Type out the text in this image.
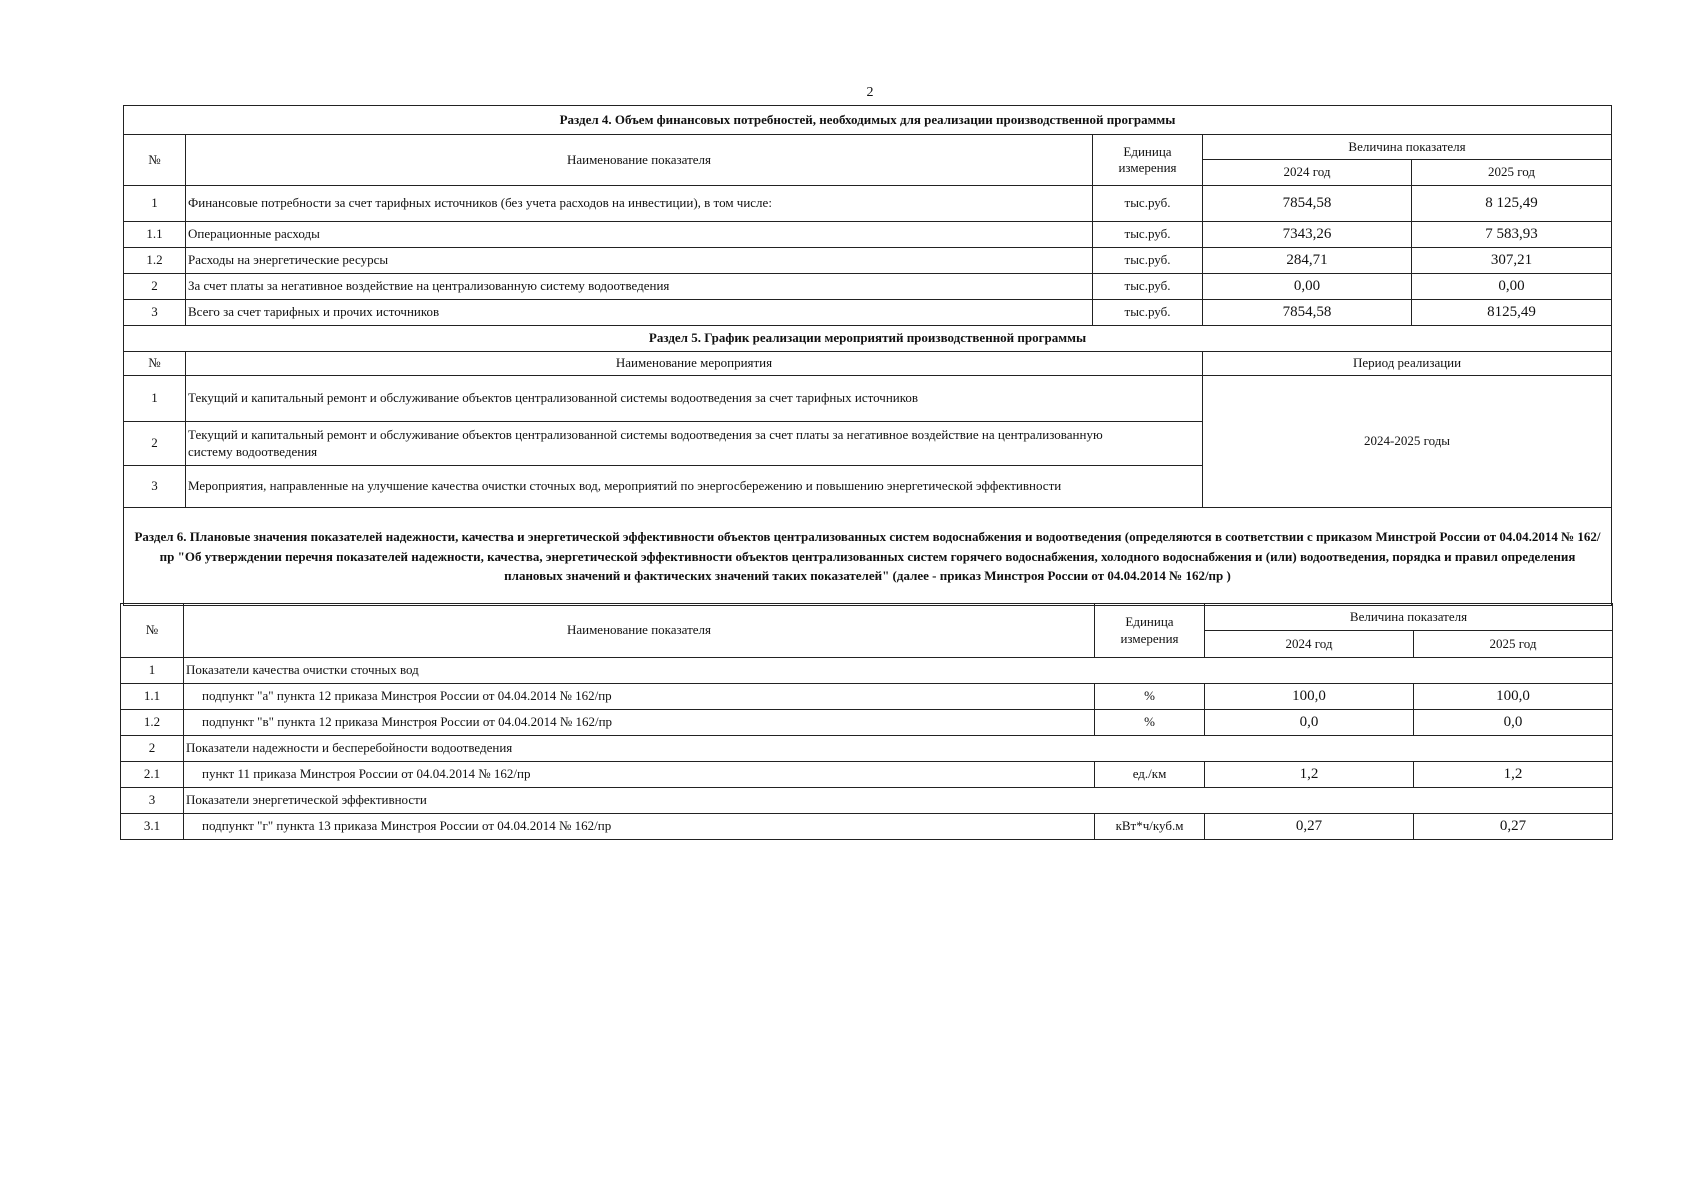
2
Раздел 4. Объем финансовых потребностей, необходимых для реализации производственной программы				
№	Наименование показателя	Единица измерения	Величина показателя	
			2024 год	2025 год
1	Финансовые потребности за счет тарифных источников (без учета расходов на инвестиции), в том числе:	тыс.руб.	7854,58	8 125,49
1.1	Операционные расходы	тыс.руб.	7343,26	7 583,93
1.2	Расходы на энергетические ресурсы	тыс.руб.	284,71	307,21
2	За счет платы за негативное воздействие на централизованную систему водоотведения	тыс.руб.	0,00	0,00
3	Всего за счет тарифных и прочих источников	тыс.руб.	7854,58	8125,49
Раздел 5. График реализации мероприятий производственной программы				
№	Наименование мероприятия		Период реализации	
1	Текущий и капитальный ремонт и обслуживание объектов централизованной системы водоотведения за счет тарифных источников		2024-2025 годы	
2	Текущий и капитальный ремонт и обслуживание объектов централизованной системы водоотведения за счет платы за негативное воздействие на централизованную систему водоотведения			
3	Мероприятия, направленные на улучшение качества очистки сточных вод, мероприятий по энергосбережению и повышению энергетической эффективности			
Раздел 6. Плановые значения показателей надежности, качества и энергетической эффективности объектов централизованных систем водоснабжения и водоотведения (определяются в соответствии с приказом Минстрой России от 04.04.2014 № 162/пр "Об утверждении перечня показателей надежности, качества, энергетической эффективности объектов централизованных систем горячего водоснабжения, холодного водоснабжения и (или) водоотведения, порядка и правил определения плановых значений и фактических значений таких показателей" (далее - приказ Минстроя России от 04.04.2014 № 162/пр )				
№	Наименование показателя	Единица измерения	Величина показателя	
			2024 год	2025 год
1	Показатели качества очистки сточных вод			
1.1	подпункт "а" пункта 12 приказа Минстроя России от 04.04.2014 № 162/пр	%	100,0	100,0
1.2	подпункт "в" пункта 12 приказа Минстроя России от 04.04.2014 № 162/пр	%	0,0	0,0
2	Показатели надежности и бесперебойности водоотведения			
2.1	пункт 11 приказа Минстроя России от 04.04.2014 № 162/пр	ед./км	1,2	1,2
3	Показатели энергетической эффективности			
3.1	подпункт "г" пункта 13 приказа Минстроя России от 04.04.2014 № 162/пр	кВт*ч/куб.м	0,27	0,27
